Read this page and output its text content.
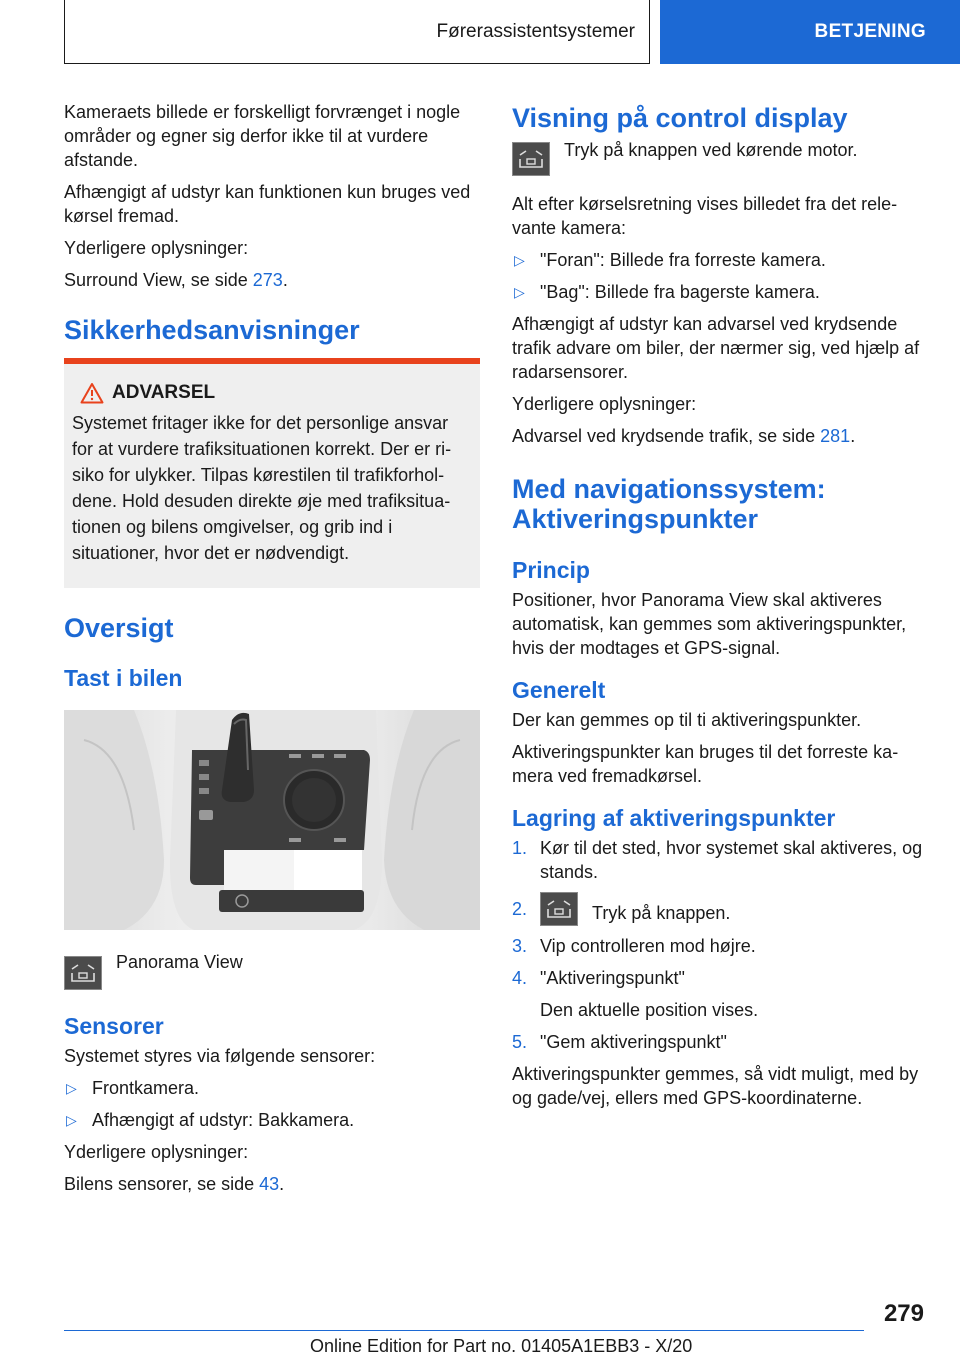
Førerassistentsystemer	BETJENING

Kameraets billede er forskelligt forvrænget i nogle områder og egner sig derfor ikke til at vurdere afstande.

Afhængigt af udstyr kan funktionen kun bruges ved kørsel fremad.

Yderligere oplysninger:

Surround View, se side 273.

Sikkerhedsanvisninger
ADVARSEL

Systemet fritager ikke for det personlige ansvar for at vurdere trafiksituationen korrekt. Der er risiko for ulykker. Tilpas kørestilen til trafikforholdene. Hold desuden direkte øje med trafiksituationen og bilens omgivelser, og grib ind i situationer, hvor det er nødvendigt.

Oversigt
Tast i bilen

Panorama View

Sensorer

Systemet styres via følgende sensorer:

▷ Frontkamera.
▷ Afhængigt af udstyr: Bakkamera.

Yderligere oplysninger:

Bilens sensorer, se side 43.

Visning på control display

Tryk på knappen ved kørende motor.

Alt efter kørselsretning vises billedet fra det relevante kamera:

▷ "Foran": Billede fra forreste kamera.
▷ "Bag": Billede fra bagerste kamera.

Afhængigt af udstyr kan advarsel ved krydsende trafik advare om biler, der nærmer sig, ved hjælp af radarsensorer.

Yderligere oplysninger:

Advarsel ved krydsende trafik, se side 281.

Med navigationssystem:
Aktiveringspunkter
Princip

Positioner, hvor Panorama View skal aktiveres automatisk, kan gemmes som aktiveringspunkter, hvis der modtages et GPS-signal.

Generelt

Der kan gemmes op til ti aktiveringspunkter.

Aktiveringspunkter kan bruges til det forreste kamera ved fremadkørsel.

Lagring af aktiveringspunkter
1. Kør til det sted, hvor systemet skal aktiveres, og stands.
2.	Tryk på knappen.
3. Vip controlleren mod højre.
4. "Aktiveringspunkt"

Den aktuelle position vises.

5. "Gem aktiveringspunkt"

Aktiveringspunkter gemmes, så vidt muligt, med by og gade/vej, ellers med GPS-koordinaterne.

279
Online Edition for Part no. 01405A1EBB3 - X/20
